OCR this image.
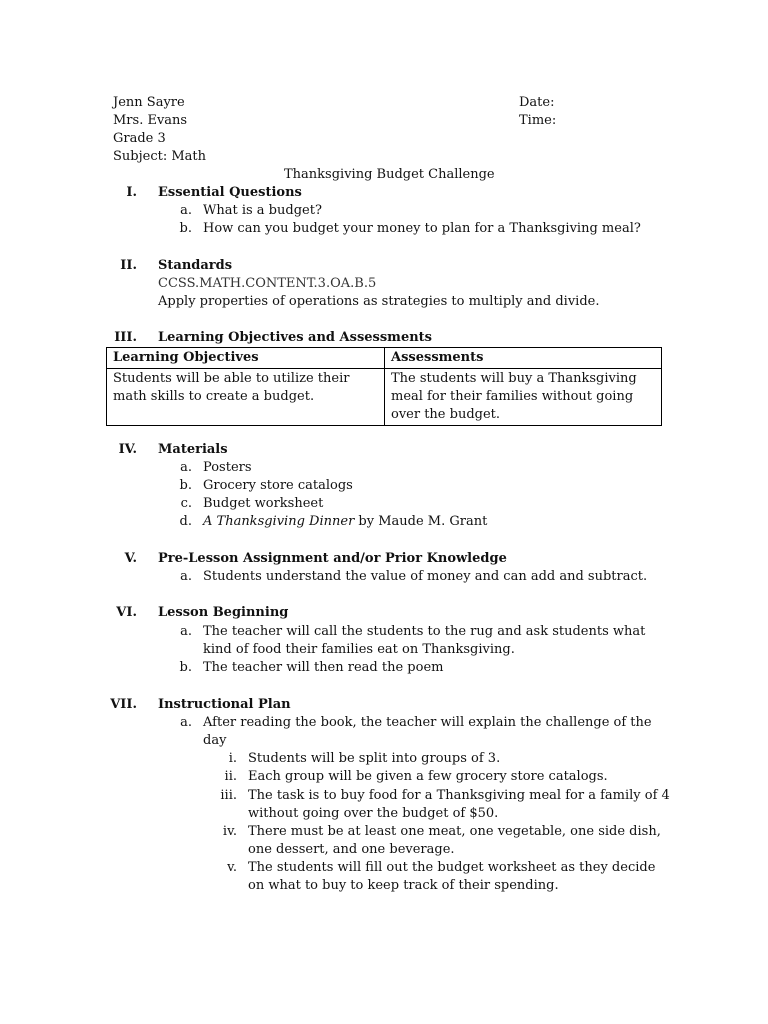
Jenn Sayre
Mrs. Evans
Grade 3
Subject: Math
Date:
Time:
Thanksgiving Budget Challenge
I. Essential Questions
a. What is a budget?
b. How can you budget your money to plan for a Thanksgiving meal?
II. Standards
CCSS.MATH.CONTENT.3.OA.B.5
Apply properties of operations as strategies to multiply and divide.
III. Learning Objectives and Assessments
Learning Objectives	Assessments
Students will be able to utilize their math skills to create a budget.	The students will buy a Thanksgiving meal for their families without going over the budget.
IV. Materials
a. Posters
b. Grocery store catalogs
c. Budget worksheet
d. A Thanksgiving Dinner by Maude M. Grant
V. Pre-Lesson Assignment and/or Prior Knowledge
a. Students understand the value of money and can add and subtract.
VI. Lesson Beginning
a. The teacher will call the students to the rug and ask students what
kind of food their families eat on Thanksgiving.
b. The teacher will then read the poem
VII. Instructional Plan
a. After reading the book, the teacher will explain the challenge of the
day
i. Students will be split into groups of 3.
ii. Each group will be given a few grocery store catalogs.
iii. The task is to buy food for a Thanksgiving meal for a family of 4
without going over the budget of $50.
iv. There must be at least one meat, one vegetable, one side dish,
one dessert, and one beverage.
v. The students will fill out the budget worksheet as they decide
on what to buy to keep track of their spending.
